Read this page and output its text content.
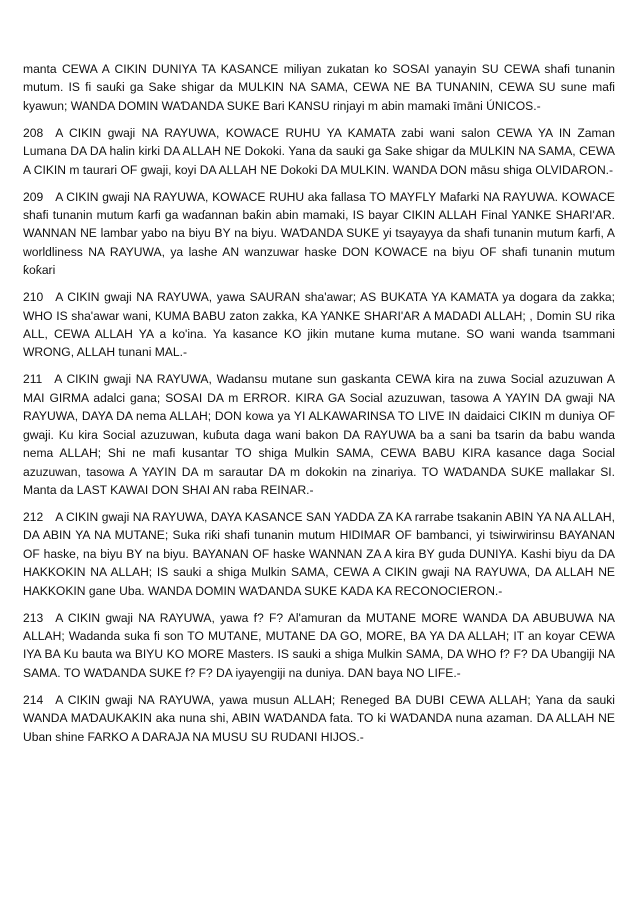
manta CEWA A CIKIN DUNIYA TA KASANCE miliyan zukatan ko SOSAI yanayin SU CEWA shafi tunanin mutum. IS fi sauƙi ga Sake shigar da MULKIN NA SAMA, CEWA NE BA TUNANIN, CEWA SU sune mafi kyawun; WANDA DOMIN WAƊANDA SUKE Bari KANSU rinjayi m abin mamaki īmāni ÚNICOS.-

208 A CIKIN gwaji NA RAYUWA, KOWACE RUHU YA KAMATA zabi wani salon CEWA YA IN Zaman Lumana DA DA halin kirki DA ALLAH NE Dokoki. Yana da sauki ga Sake shigar da MULKIN NA SAMA, CEWA A CIKIN m taurari OF gwaji, koyi DA ALLAH NE Dokoki DA MULKIN. WANDA DON māsu shiga OLVIDARON.-

209 A CIKIN gwaji NA RAYUWA, KOWACE RUHU aka fallasa TO MAYFLY Mafarki NA RAYUWA. KOWACE shafi tunanin mutum ƙarfi ga waɗannan baƙin abin mamaki, IS bayar CIKIN ALLAH Final YANKE SHARI'AR. WANNAN NE lambar yabo na biyu BY na biyu. WAƊANDA SUKE yi tsayayya da shafi tunanin mutum ƙarfi, A worldliness NA RAYUWA, ya lashe AN wanzuwar haske DON KOWACE na biyu OF shafi tunanin mutum ƙoƙari

210 A CIKIN gwaji NA RAYUWA, yawa SAURAN sha'awar; AS BUKATA YA KAMATA ya dogara da zakka; WHO IS sha'awar wani, KUMA BABU zaton zakka, KA YANKE SHARI'AR A MADADI ALLAH; , Domin SU rika ALL, CEWA ALLAH YA a ko'ina. Ya kasance KO jikin mutane kuma mutane. SO wani wanda tsammani WRONG, ALLAH tunani MAL.-

211 A CIKIN gwaji NA RAYUWA, Wadansu mutane sun gaskanta CEWA kira na zuwa Social azuzuwan A MAI GIRMA adalci gana; SOSAI DA m ERROR. KIRA GA Social azuzuwan, tasowa A YAYIN DA gwaji NA RAYUWA, DAYA DA nema ALLAH; DON kowa ya YI ALKAWARINSA TO LIVE IN daidaici CIKIN m duniya OF gwaji. Ku kira Social azuzuwan, kuɓuta daga wani bakon DA RAYUWA ba a sani ba tsarin da babu wanda nema ALLAH; Shi ne mafi kusantar TO shiga Mulkin SAMA, CEWA BABU KIRA kasance daga Social azuzuwan, tasowa A YAYIN DA m sarautar DA m dokokin na zinariya. TO WAƊANDA SUKE mallakar SI. Manta da LAST KAWAI DON SHAI AN raba REINAR.-

212 A CIKIN gwaji NA RAYUWA, DAYA KASANCE SAN YADDA ZA KA rarrabe tsakanin ABIN YA NA ALLAH, DA ABIN YA NA MUTANE; Suka riƙi shafi tunanin mutum HIDIMAR OF bambanci, yi tsiwirwirinsu BAYANAN OF haske, na biyu BY na biyu. BAYANAN OF haske WANNAN ZA A kira BY guda DUNIYA. Kashi biyu da DA HAKKOKIN NA ALLAH; IS sauki a shiga Mulkin SAMA, CEWA A CIKIN gwaji NA RAYUWA, DA ALLAH NE HAKKOKIN gane Uba. WANDA DOMIN WAƊANDA SUKE KADA KA RECONOCIERON.-

213 A CIKIN gwaji NA RAYUWA, yawa f? F? Al'amuran da MUTANE MORE WANDA DA ABUBUWA NA ALLAH; Wadanda suka fi son TO MUTANE, MUTANE DA GO, MORE, BA YA DA ALLAH; IT an koyar CEWA IYA BA Ku bauta wa BIYU KO MORE Masters. IS sauki a shiga Mulkin SAMA, DA WHO f? F? DA Ubangiji NA SAMA. TO WAƊANDA SUKE f? F? DA iyayengiji na duniya. DAN baya NO LIFE.-

214 A CIKIN gwaji NA RAYUWA, yawa musun ALLAH; Reneged BA DUBI CEWA ALLAH; Yana da sauki WANDA MAƊAUKAKIN aka nuna shi, ABIN WAƊANDA fata. TO ki WAƊANDA nuna azaman. DA ALLAH NE Uban shine FARKO A DARAJA NA MUSU SU RUDANI HIJOS.-
